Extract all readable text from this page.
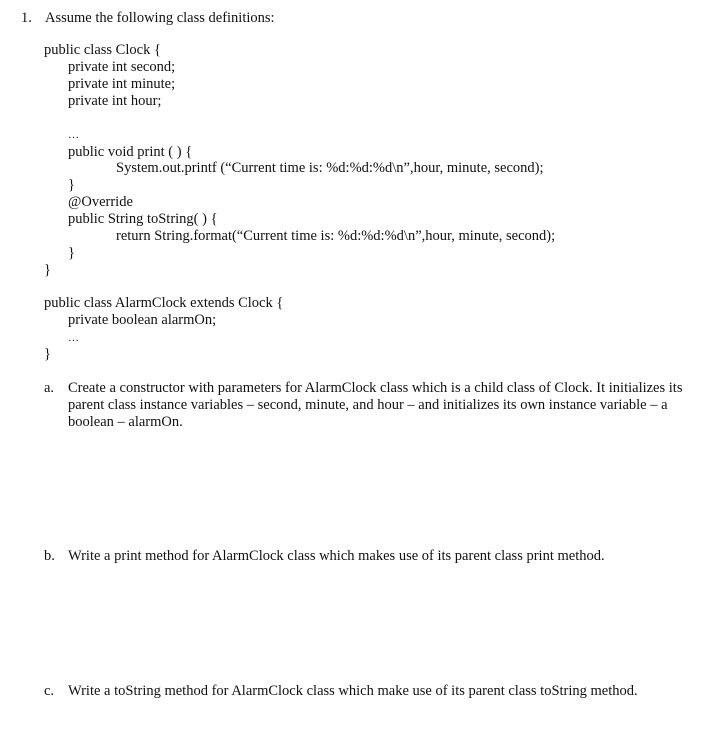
1. Assume the following class definitions:
public class Clock {
private int second;
private int minute;
private int hour;
…
public void print ( ) {
System.out.printf (“Current time is: %d:%d:%d\n”,hour, minute, second);
}
@Override
public String toString( ) {
return String.format(“Current time is: %d:%d:%d\n”,hour, minute, second);
}
}
public class AlarmClock extends Clock {
private boolean alarmOn;
…
}
a. Create a constructor with parameters for AlarmClock class which is a child class of Clock. It initializes its parent class instance variables – second, minute, and hour – and initializes its own instance variable – a boolean – alarmOn.
b. Write a print method for AlarmClock class which makes use of its parent class print method.
c. Write a toString method for AlarmClock class which make use of its parent class toString method.
